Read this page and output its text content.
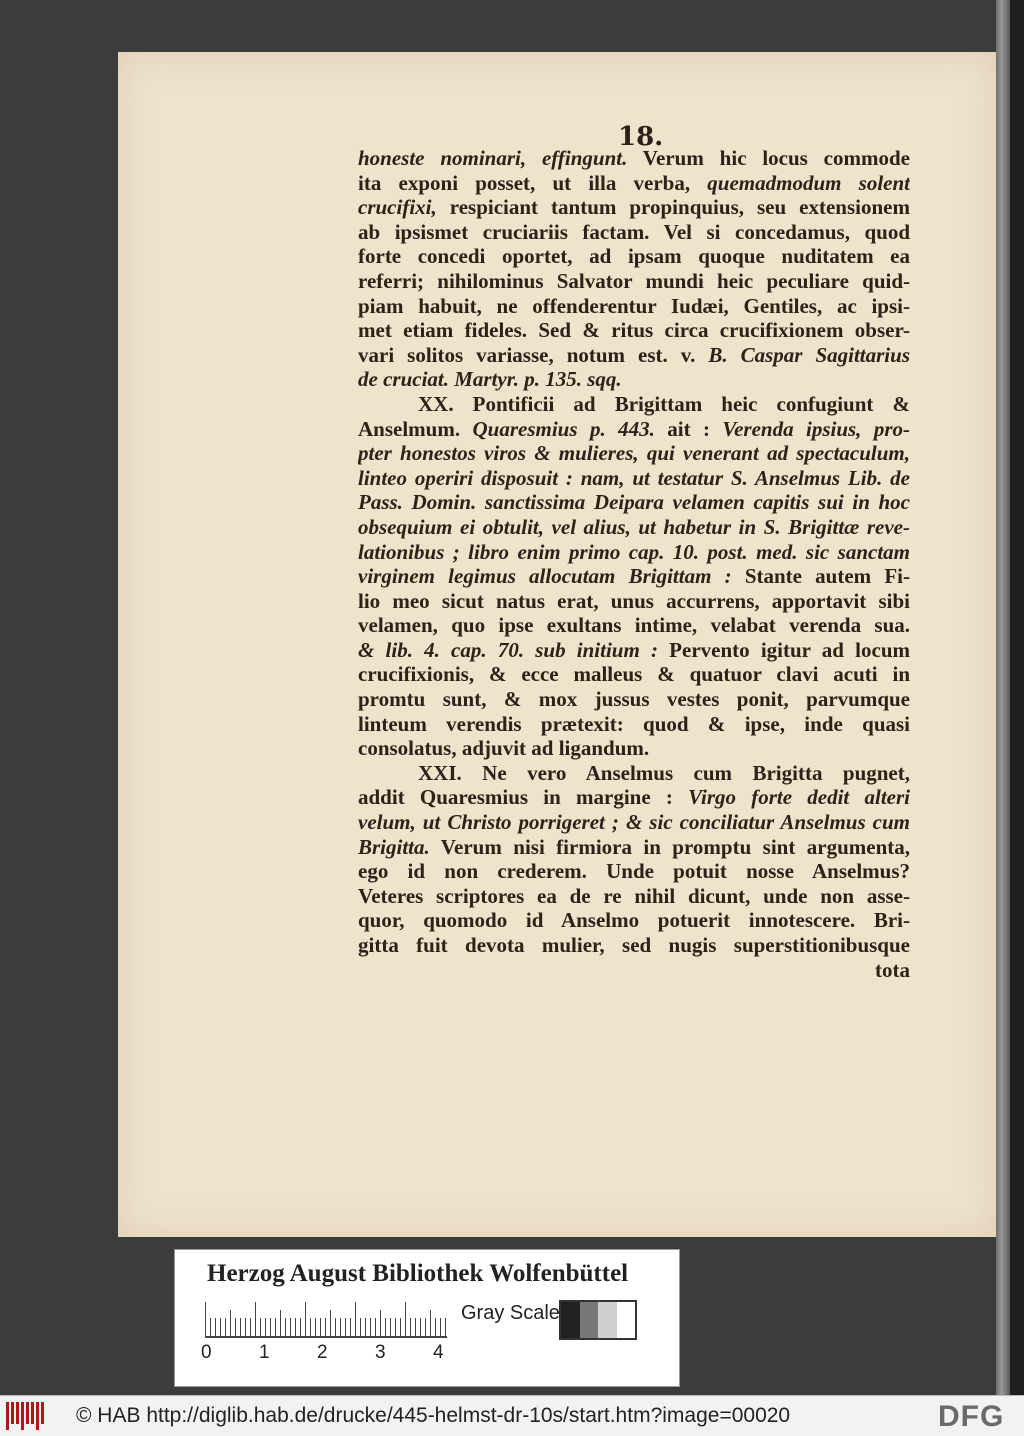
18.
honeste nominari, effingunt. Verum hic locus commode
ita exponi posset, ut illa verba, quemadmodum solent
crucifixi, respiciant tantum propinquius, seu extensionem
ab ipsismet cruciariis factam. Vel si concedamus, quod
forte concedi oportet, ad ipsam quoque nuditatem ea
referri; nihilominus Salvator mundi heic peculiare quid-
piam habuit, ne offenderentur Iudæi, Gentiles, ac ipsi-
met etiam fideles. Sed & ritus circa crucifixionem obser-
vari solitos variasse, notum est. v. B. Caspar Sagittarius
de cruciat. Martyr. p. 135. sqq.
XX. Pontificii ad Brigittam heic confugiunt &
Anselmum. Quaresmius p. 443. ait : Verenda ipsius, pro-
pter honestos viros & mulieres, qui venerant ad spectaculum,
linteo operiri disposuit : nam, ut testatur S. Anselmus Lib. de
Pass. Domin. sanctissima Deipara velamen capitis sui in hoc
obsequium ei obtulit, vel alius, ut habetur in S. Brigittæ reve-
lationibus ; libro enim primo cap. 10. post. med. sic sanctam
virginem legimus allocutam Brigittam : Stante autem Fi-
lio meo sicut natus erat, unus accurrens, apportavit sibi
velamen, quo ipse exultans intime, velabat verenda sua.
& lib. 4. cap. 70. sub initium : Pervento igitur ad locum
crucifixionis, & ecce malleus & quatuor clavi acuti in
promtu sunt, & mox jussus vestes ponit, parvumque
linteum verendis prætexit: quod & ipse, inde quasi
consolatus, adjuvit ad ligandum.
XXI. Ne vero Anselmus cum Brigitta pugnet,
addit Quaresmius in margine : Virgo forte dedit alteri
velum, ut Christo porrigeret ; & sic conciliatur Anselmus cum
Brigitta. Verum nisi firmiora in promptu sint argumenta,
ego id non crederem. Unde potuit nosse Anselmus?
Veteres scriptores ea de re nihil dicunt, unde non asse-
quor, quomodo id Anselmo potuerit innotescere. Bri-
gitta fuit devota mulier, sed nugis superstitionibusque
tota
Herzog August Bibliothek Wolfenbüttel
0 1 2 3 4
Gray Scale
© HAB http://diglib.hab.de/drucke/445-helmst-dr-10s/start.htm?image=00020	DFG
